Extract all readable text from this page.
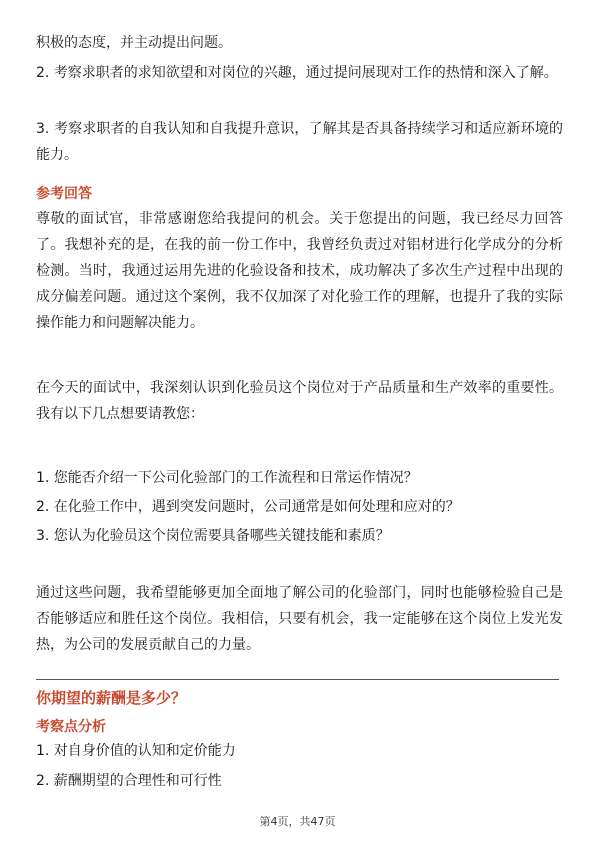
积极的态度，并主动提出问题。

2. 考察求职者的求知欲望和对岗位的兴趣，通过提问展现对工作的热情和深入了解。

3. 考察求职者的自我认知和自我提升意识，了解其是否具备持续学习和适应新环境的能力。

参考回答

尊敬的面试官，非常感谢您给我提问的机会。关于您提出的问题，我已经尽力回答了。我想补充的是，在我的前一份工作中，我曾经负责过对铝材进行化学成分的分析检测。当时，我通过运用先进的化验设备和技术，成功解决了多次生产过程中出现的成分偏差问题。通过这个案例，我不仅加深了对化验工作的理解，也提升了我的实际操作能力和问题解决能力。

在今天的面试中，我深刻认识到化验员这个岗位对于产品质量和生产效率的重要性。我有以下几点想要请教您：

1. 您能否介绍一下公司化验部门的工作流程和日常运作情况？

2. 在化验工作中，遇到突发问题时，公司通常是如何处理和应对的？

3. 您认为化验员这个岗位需要具备哪些关键技能和素质？

通过这些问题，我希望能够更加全面地了解公司的化验部门，同时也能够检验自己是否能够适应和胜任这个岗位。我相信，只要有机会，我一定能够在这个岗位上发光发热，为公司的发展贡献自己的力量。

你期望的薪酬是多少？
考察点分析

1. 对自身价值的认知和定价能力

2. 薪酬期望的合理性和可行性

第4页，共47页
